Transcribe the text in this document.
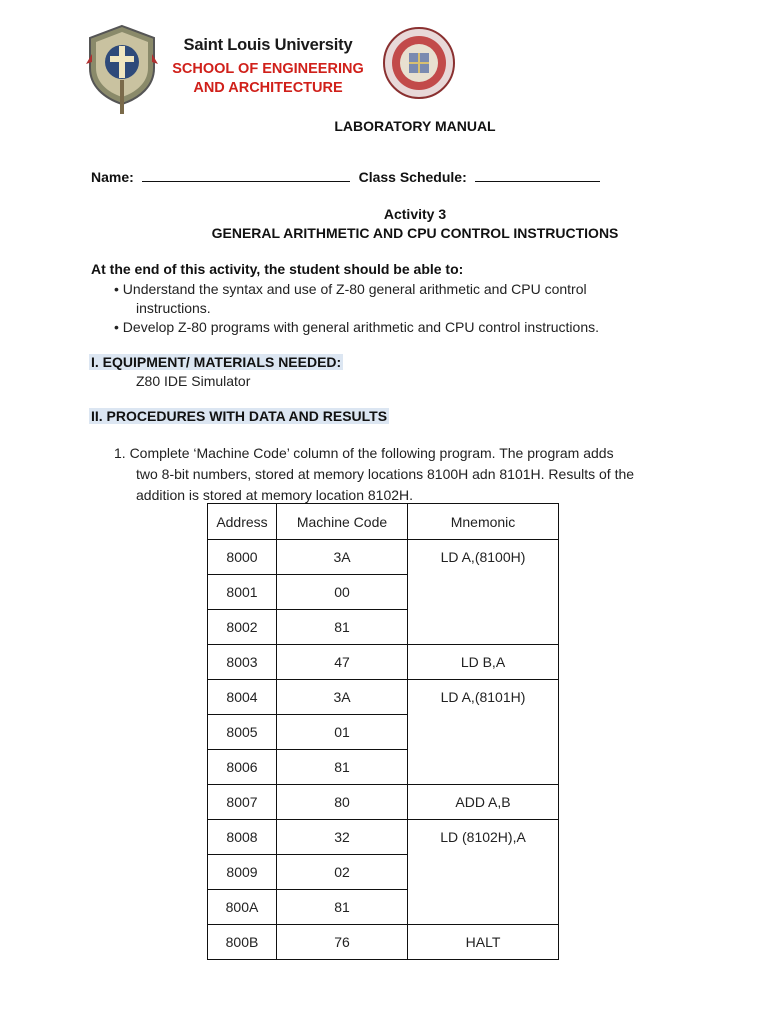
Saint Louis University
SCHOOL OF ENGINEERING
AND ARCHITECTURE
LABORATORY MANUAL
Name:	Class Schedule:
Activity 3
GENERAL ARITHMETIC AND CPU CONTROL INSTRUCTIONS
At the end of this activity, the student should be able to:
• Understand the syntax and use of Z-80 general arithmetic and CPU control
instructions.
• Develop Z-80 programs with general arithmetic and CPU control instructions.
I. EQUIPMENT/ MATERIALS NEEDED:
Z80 IDE Simulator
II. PROCEDURES WITH DATA AND RESULTS
1. Complete ‘Machine Code’ column of the following program. The program adds
two 8-bit numbers, stored at memory locations 8100H adn 8101H. Results of the
addition is stored at memory location 8102H.
Address	Machine Code	Mnemonic
8000	3A	LD A,(8100H)

8001	00	
8002	81	
8003	47	LD B,A

8004	3A	LD A,(8101H)

8005	01	
8006	81	
8007	80	ADD A,B

8008	32	LD (8102H),A

8009	02	
800A	81	
800B	76	HALT
